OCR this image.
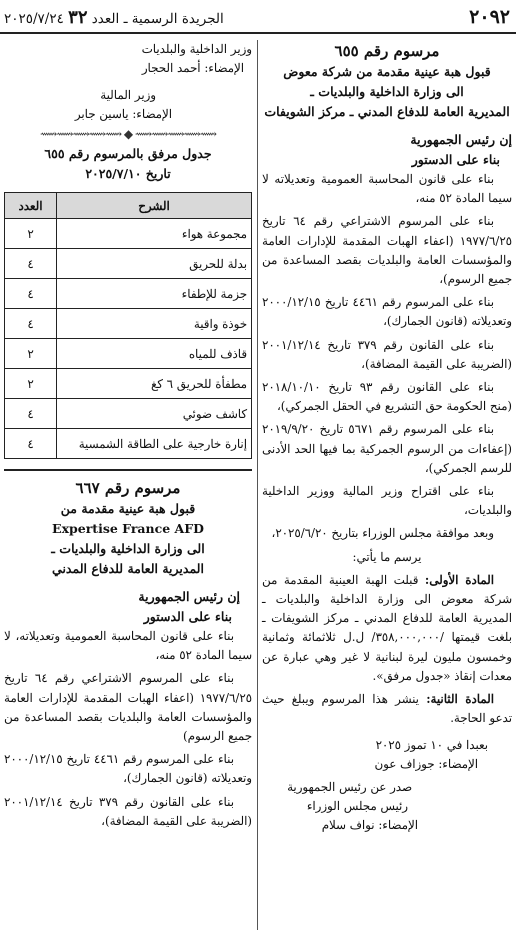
٢٠٩٢
الجريدة الرسمية ـ العدد ٣٢ ٢٠٢٥/٧/٢٤
مرسوم رقم ٦٥٥
قبول هبة عينية مقدمة من شركة معوض
الى وزارة الداخلية والبلديات ـ
المديرية العامة للدفاع المدني ـ مركز الشويفات
إن رئيس الجمهورية
بناء على الدستور

بناء على قانون المحاسبة العمومية وتعديلاته لا سيما المادة ٥٢ منه،

بناء على المرسوم الاشتراعي رقم ٦٤ تاريخ ١٩٧٧/٦/٢٥ (اعفاء الهبات المقدمة للإدارات العامة والمؤسسات العامة والبلديات بقصد المساعدة من جميع الرسوم)،

بناء على المرسوم رقم ٤٤٦١ تاريخ ٢٠٠٠/١٢/١٥ وتعديلاته (قانون الجمارك)،

بناء على القانون رقم ٣٧٩ تاريخ ٢٠٠١/١٢/١٤ (الضريبة على القيمة المضافة)،

بناء على القانون رقم ٩٣ تاريخ ٢٠١٨/١٠/١٠ (منح الحكومة حق التشريع في الحقل الجمركي)،

بناء على المرسوم رقم ٥٦٧١ تاريخ ٢٠١٩/٩/٢٠ (إعفاءات من الرسوم الجمركية بما فيها الحد الأدنى للرسم الجمركي)،

بناء على اقتراح وزير المالية ووزير الداخلية والبلديات،

وبعد موافقة مجلس الوزراء بتاريخ ٢٠٢٥/٦/٢٠،

يرسم ما يأتي:

المادة الأولى: قبلت الهبة العينية المقدمة من شركة معوض الى وزارة الداخلية والبلديات ـ المديرية العامة للدفاع المدني ـ مركز الشويفات ـ بلغت قيمتها /٣٥٨,٠٠٠,٠٠٠/ ل.ل ثلاثمائة وثمانية وخمسون مليون ليرة لبنانية لا غير وهي عبارة عن معدات إنقاذ «جدول مرفق».

المادة الثانية: ينشر هذا المرسوم ويبلغ حيث تدعو الحاجة.

بعبدا في ١٠ تموز ٢٠٢٥
الإمضاء: جوزاف عون
صدر عن رئيس الجمهورية
رئيس مجلس الوزراء
الإمضاء: نواف سلام
وزير الداخلية والبلديات
الإمضاء: أحمد الحجار
وزير المالية
الإمضاء: ياسين جابر
⟿⟿⟿⟿⟿ ◆ ⟿⟿⟿⟿⟿
جدول مرفق بالمرسوم رقم ٦٥٥
تاريخ ٢٠٢٥/٧/١٠
الشرح	العدد
مجموعة هواء	٢
بدلة للحريق	٤
جزمة للإطفاء	٤
خوذة واقية	٤
قاذف للمياه	٢
مطفأة للحريق ٦ كغ	٢
كاشف ضوئي	٤
إنارة خارجية على الطاقة الشمسية	٤
مرسوم رقم ٦٦٧
قبول هبة عينية مقدمة من
Expertise France AFD
الى وزارة الداخلية والبلديات ـ
المديرية العامة للدفاع المدني
إن رئيس الجمهورية
بناء على الدستور

بناء على قانون المحاسبة العمومية وتعديلاته، لا سيما المادة ٥٢ منه،

بناء على المرسوم الاشتراعي رقم ٦٤ تاريخ ١٩٧٧/٦/٢٥ (اعفاء الهبات المقدمة للإدارات العامة والمؤسسات العامة والبلديات بقصد المساعدة من جميع الرسوم)

بناء على المرسوم رقم ٤٤٦١ تاريخ ٢٠٠٠/١٢/١٥ وتعديلاته (قانون الجمارك)،

بناء على القانون رقم ٣٧٩ تاريخ ٢٠٠١/١٢/١٤ (الضريبة على القيمة المضافة)،
